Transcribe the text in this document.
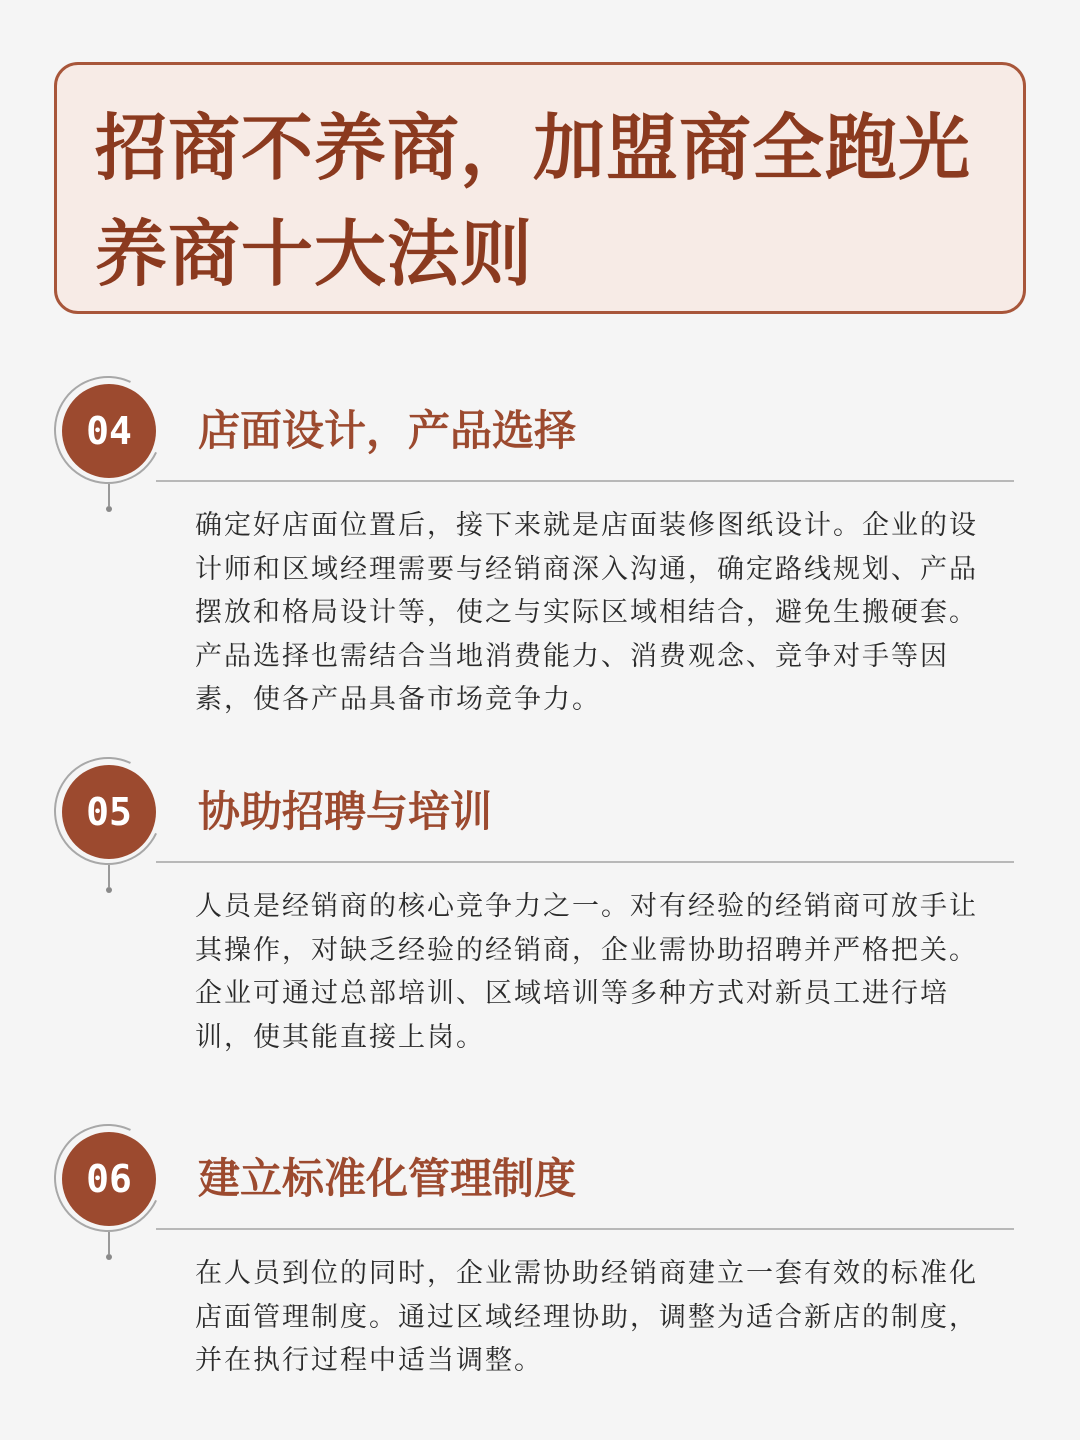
招商不养商，加盟商全跑光
养商十大法则
04	店面设计，产品选择
确定好店面位置后，接下来就是店面装修图纸设计。企业的设计师和区域经理需要与经销商深入沟通，确定路线规划、产品摆放和格局设计等，使之与实际区域相结合，避免生搬硬套。产品选择也需结合当地消费能力、消费观念、竞争对手等因素，使各产品具备市场竞争力。
05	协助招聘与培训
人员是经销商的核心竞争力之一。对有经验的经销商可放手让其操作，对缺乏经验的经销商，企业需协助招聘并严格把关。企业可通过总部培训、区域培训等多种方式对新员工进行培训，使其能直接上岗。
06	建立标准化管理制度
在人员到位的同时，企业需协助经销商建立一套有效的标准化店面管理制度。通过区域经理协助，调整为适合新店的制度，并在执行过程中适当调整。
